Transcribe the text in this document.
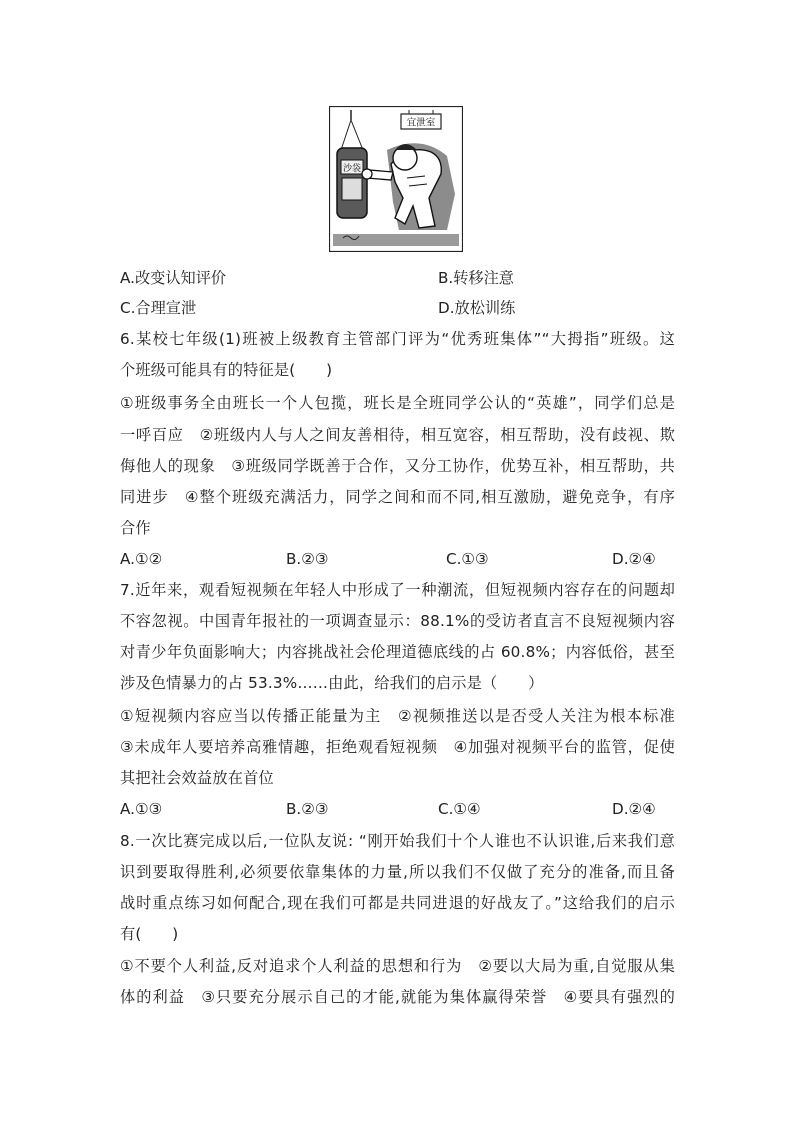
宜泄室
沙袋
A.改变认知评价	B.转移注意
C.合理宣泄	D.放松训练
6.某校七年级(1)班被上级教育主管部门评为“优秀班集体”“大拇指”班级。这
个班级可能具有的特征是(　　)
①班级事务全由班长一个人包揽，班长是全班同学公认的“英雄”，同学们总是
一呼百应　②班级内人与人之间友善相待，相互宽容，相互帮助，没有歧视、欺
侮他人的现象　③班级同学既善于合作，又分工协作，优势互补，相互帮助，共
同进步　④整个班级充满活力，同学之间和而不同,相互激励，避免竞争，有序
合作
A.①②	B.②③	C.①③	D.②④
7.近年来，观看短视频在年轻人中形成了一种潮流，但短视频内容存在的问题却
不容忽视。中国青年报社的一项调查显示：88.1%的受访者直言不良短视频内容
对青少年负面影响大；内容挑战社会伦理道德底线的占 60.8%；内容低俗，甚至
涉及色情暴力的占 53.3%……由此，给我们的启示是（　　）
①短视频内容应当以传播正能量为主　②视频推送以是否受人关注为根本标准
③未成年人要培养高雅情趣，拒绝观看短视频　④加强对视频平台的监管，促使
其把社会效益放在首位
A.①③	B.②③	C.①④	D.②④
8.一次比赛完成以后,一位队友说: “刚开始我们十个人谁也不认识谁,后来我们意
识到要取得胜利,必须要依靠集体的力量,所以我们不仅做了充分的准备,而且备
战时重点练习如何配合,现在我们可都是共同进退的好战友了。”这给我们的启示
有(　　)
①不要个人利益,反对追求个人利益的思想和行为　②要以大局为重,自觉服从集
体的利益　③只要充分展示自己的才能,就能为集体赢得荣誉　④要具有强烈的
